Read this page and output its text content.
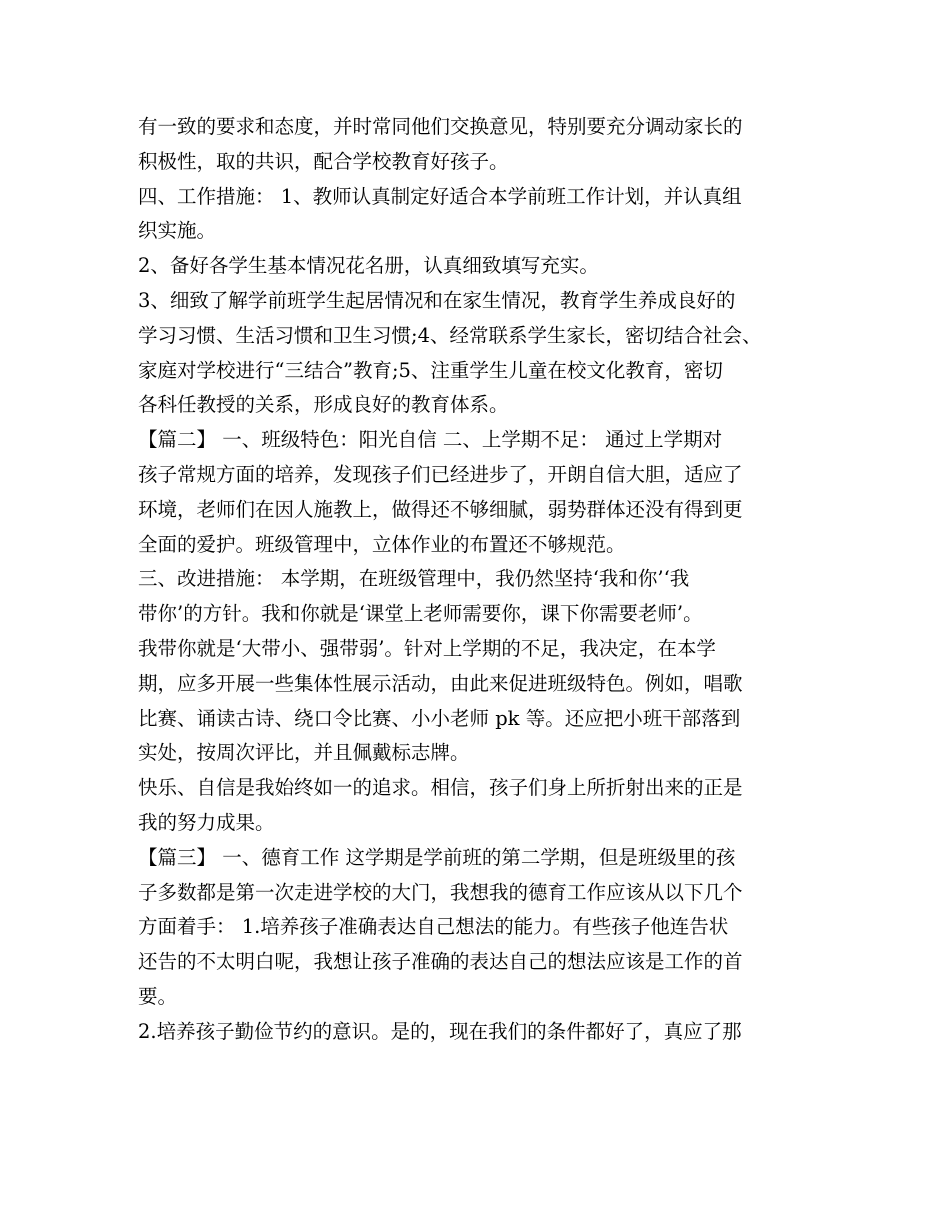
有一致的要求和态度，并时常同他们交换意见，特别要充分调动家长的
积极性，取的共识，配合学校教育好孩子。
四、工作措施： 1、教师认真制定好适合本学前班工作计划，并认真组
织实施。
2、备好各学生基本情况花名册，认真细致填写充实。
3、细致了解学前班学生起居情况和在家生情况，教育学生养成良好的
学习习惯、生活习惯和卫生习惯;4、经常联系学生家长，密切结合社会、
家庭对学校进行“三结合”教育;5、注重学生儿童在校文化教育，密切
各科任教授的关系，形成良好的教育体系。
【篇二】 一、班级特色：阳光自信 二、上学期不足： 通过上学期对
孩子常规方面的培养，发现孩子们已经进步了，开朗自信大胆，适应了
环境，老师们在因人施教上，做得还不够细腻，弱势群体还没有得到更
全面的爱护。班级管理中，立体作业的布置还不够规范。
三、改进措施： 本学期，在班级管理中，我仍然坚持‘我和你’‘我
带你’的方针。我和你就是‘课堂上老师需要你，课下你需要老师’。
我带你就是‘大带小、强带弱’。针对上学期的不足，我决定，在本学
期，应多开展一些集体性展示活动，由此来促进班级特色。例如，唱歌
比赛、诵读古诗、绕口令比赛、小小老师 pk 等。还应把小班干部落到
实处，按周次评比，并且佩戴标志牌。
快乐、自信是我始终如一的追求。相信，孩子们身上所折射出来的正是
我的努力成果。
【篇三】 一、德育工作 这学期是学前班的第二学期，但是班级里的孩
子多数都是第一次走进学校的大门，我想我的德育工作应该从以下几个
方面着手： 1.培养孩子准确表达自己想法的能力。有些孩子他连告状
还告的不太明白呢，我想让孩子准确的表达自己的想法应该是工作的首
要。
2.培养孩子勤俭节约的意识。是的，现在我们的条件都好了，真应了那
